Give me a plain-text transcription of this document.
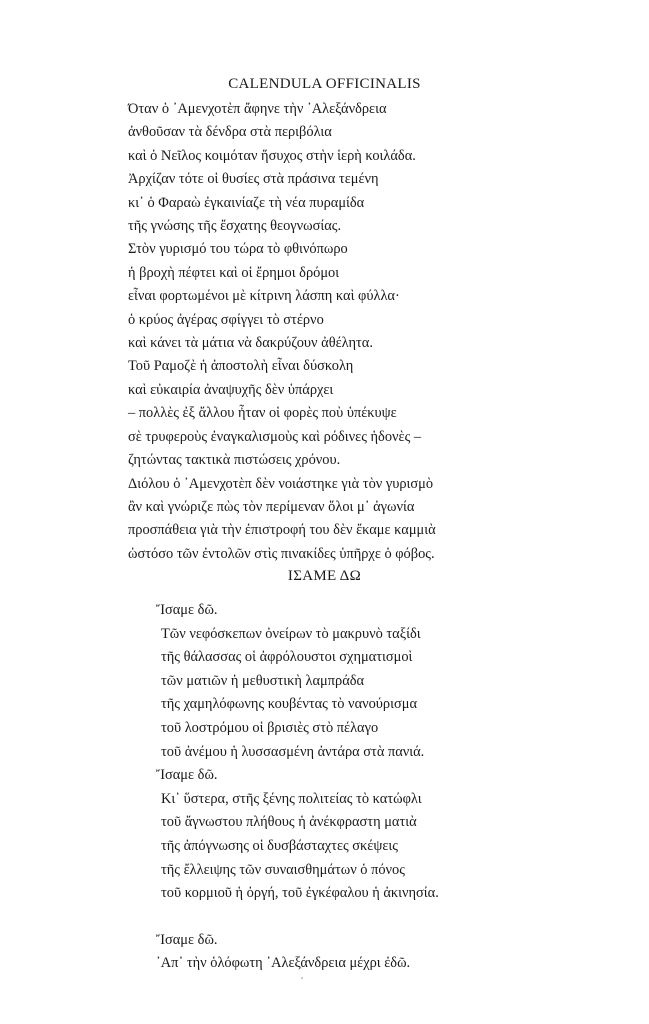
CALENDULA OFFICINALIS
Όταν ὁ ᾿Αμενχοτὲπ ἄφηνε τὴν ᾿Αλεξάνδρεια
ἀνθοῦσαν τὰ δένδρα στὰ περιβόλια
καὶ ὁ Νεῖλος κοιμόταν ἥσυχος στὴν ἱερὴ κοιλάδα.
Ἀρχίζαν τότε οἱ θυσίες στὰ πράσινα τεμένη
κι᾿ ὁ Φαραὼ ἐγκαινίαζε τὴ νέα πυραμίδα
τῆς γνώσης τῆς ἔσχατης θεογνωσίας.
Στὸν γυρισμό του τώρα τὸ φθινόπωρο
ἡ βροχὴ πέφτει καὶ οἱ ἔρημοι δρόμοι
εἶναι φορτωμένοι μὲ κίτρινη λάσπη καὶ φύλλα·
ὁ κρύος ἀγέρας σφίγγει τὸ στέρνο
καὶ κάνει τὰ μάτια νὰ δακρύζουν ἀθέλητα.
Τοῦ Ραμοζὲ ἡ ἀποστολὴ εἶναι δύσκολη
καὶ εὐκαιρία ἀναψυχῆς δὲν ὑπάρχει
– πολλὲς ἐξ ἄλλου ἦταν οἱ φορὲς ποὺ ὑπέκυψε
σὲ τρυφεροὺς ἐναγκαλισμοὺς καὶ ρόδινες ἡδονὲς –
ζητώντας τακτικὰ πιστώσεις χρόνου.
Διόλου ὁ ᾿Αμενχοτὲπ δὲν νοιάστηκε γιὰ τὸν γυρισμὸ
ἂν καὶ γνώριζε πὼς τὸν περίμεναν ὅλοι μ᾿ ἀγωνία
προσπάθεια γιὰ τὴν ἐπιστροφή του δὲν ἔκαμε καμμιὰ
ὡστόσο τῶν ἐντολῶν στὶς πινακίδες ὑπῆρχε ὁ φόβος.
ΙΣΑΜΕ ΔΩ
Ἴσαμε δῶ.
Τῶν νεφόσκεπων ὀνείρων τὸ μακρυνὸ ταξίδι
τῆς θάλασσας οἱ ἀφρόλουστοι σχηματισμοὶ
τῶν ματιῶν ἡ μεθυστικὴ λαμπράδα
τῆς χαμηλόφωνης κουβέντας τὸ νανούρισμα
τοῦ λοστρόμου οἱ βρισιὲς στὸ πέλαγο
τοῦ ἀνέμου ἡ λυσσασμένη ἀντάρα στὰ πανιά.
Ἴσαμε δῶ.
Κι᾿ ὕστερα, στῆς ξένης πολιτείας τὸ κατώφλι
τοῦ ἄγνωστου πλήθους ἡ ἀνέκφραστη ματιὰ
τῆς ἀπόγνωσης οἱ δυσβάσταχτες σκέψεις
τῆς ἔλλειψης τῶν συναισθημάτων ὁ πόνος
τοῦ κορμιοῦ ἡ ὀργή, τοῦ ἐγκέφαλου ἡ ἀκινησία.
Ἴσαμε δῶ.
᾿Απ᾿ τὴν ὁλόφωτη ᾿Αλεξάνδρεια μέχρι ἐδῶ.
